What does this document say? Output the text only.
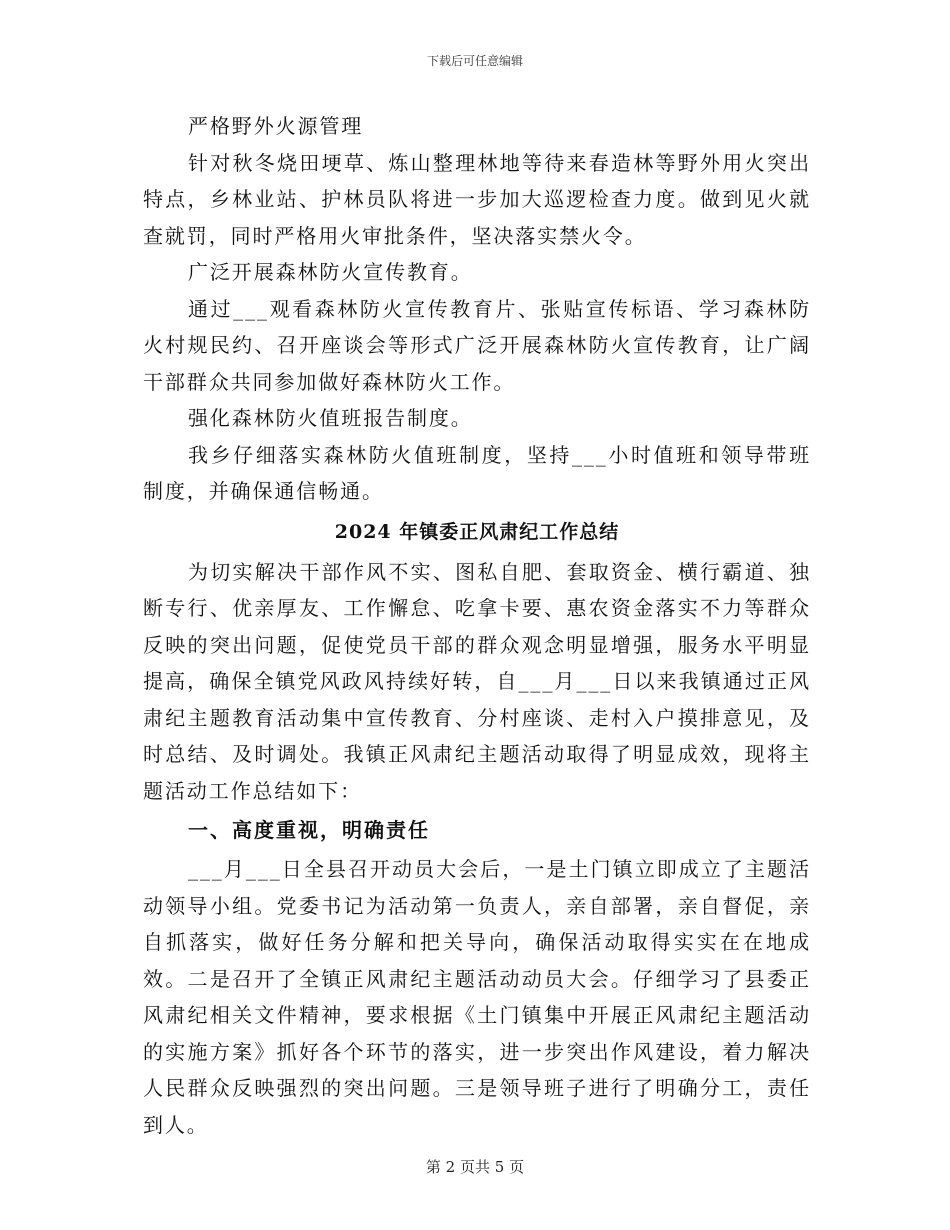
下载后可任意编辑

严格野外火源管理

针对秋冬烧田埂草、炼山整理林地等待来春造林等野外用火突出特点，乡林业站、护林员队将进一步加大巡逻检查力度。做到见火就查就罚，同时严格用火审批条件，坚决落实禁火令。

广泛开展森林防火宣传教育。

通过___观看森林防火宣传教育片、张贴宣传标语、学习森林防火村规民约、召开座谈会等形式广泛开展森林防火宣传教育，让广阔干部群众共同参加做好森林防火工作。

强化森林防火值班报告制度。

我乡仔细落实森林防火值班制度，坚持___小时值班和领导带班制度，并确保通信畅通。

2024 年镇委正风肃纪工作总结

为切实解决干部作风不实、图私自肥、套取资金、横行霸道、独断专行、优亲厚友、工作懈怠、吃拿卡要、惠农资金落实不力等群众反映的突出问题，促使党员干部的群众观念明显增强，服务水平明显提高，确保全镇党风政风持续好转，自___月___日以来我镇通过正风肃纪主题教育活动集中宣传教育、分村座谈、走村入户摸排意见，及时总结、及时调处。我镇正风肃纪主题活动取得了明显成效，现将主题活动工作总结如下：

一、高度重视，明确责任

___月___日全县召开动员大会后，一是土门镇立即成立了主题活动领导小组。党委书记为活动第一负责人，亲自部署，亲自督促，亲自抓落实，做好任务分解和把关导向，确保活动取得实实在在地成效。二是召开了全镇正风肃纪主题活动动员大会。仔细学习了县委正风肃纪相关文件精神，要求根据《土门镇集中开展正风肃纪主题活动的实施方案》抓好各个环节的落实，进一步突出作风建设，着力解决人民群众反映强烈的突出问题。三是领导班子进行了明确分工，责任到人。

第 2 页共 5 页
